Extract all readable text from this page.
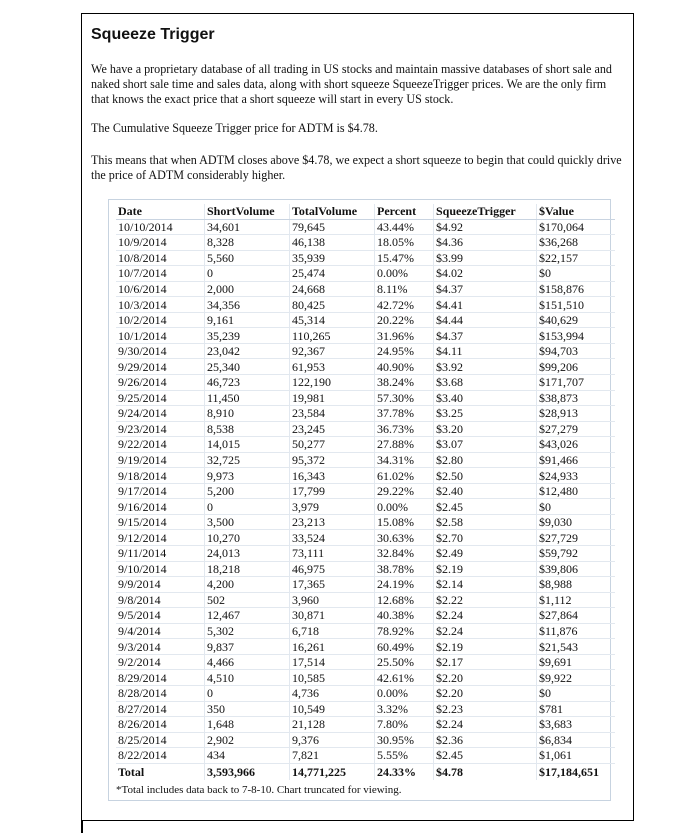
Squeeze Trigger

We have a proprietary database of all trading in US stocks and maintain massive databases of short sale and naked short sale time and sales data, along with short squeeze SqueezeTrigger prices. We are the only firm that knows the exact price that a short squeeze will start in every US stock.

The Cumulative Squeeze Trigger price for ADTM is $4.78.

This means that when ADTM closes above $4.78, we expect a short squeeze to begin that could quickly drive the price of ADTM considerably higher.

Date	ShortVolume	TotalVolume	Percent	SqueezeTrigger	$Value
10/10/2014	34,601	79,645	43.44%	$4.92	$170,064
10/9/2014	8,328	46,138	18.05%	$4.36	$36,268
10/8/2014	5,560	35,939	15.47%	$3.99	$22,157
10/7/2014	0	25,474	0.00%	$4.02	$0
10/6/2014	2,000	24,668	8.11%	$4.37	$158,876
10/3/2014	34,356	80,425	42.72%	$4.41	$151,510
10/2/2014	9,161	45,314	20.22%	$4.44	$40,629
10/1/2014	35,239	110,265	31.96%	$4.37	$153,994
9/30/2014	23,042	92,367	24.95%	$4.11	$94,703
9/29/2014	25,340	61,953	40.90%	$3.92	$99,206
9/26/2014	46,723	122,190	38.24%	$3.68	$171,707
9/25/2014	11,450	19,981	57.30%	$3.40	$38,873
9/24/2014	8,910	23,584	37.78%	$3.25	$28,913
9/23/2014	8,538	23,245	36.73%	$3.20	$27,279
9/22/2014	14,015	50,277	27.88%	$3.07	$43,026
9/19/2014	32,725	95,372	34.31%	$2.80	$91,466
9/18/2014	9,973	16,343	61.02%	$2.50	$24,933
9/17/2014	5,200	17,799	29.22%	$2.40	$12,480
9/16/2014	0	3,979	0.00%	$2.45	$0
9/15/2014	3,500	23,213	15.08%	$2.58	$9,030
9/12/2014	10,270	33,524	30.63%	$2.70	$27,729
9/11/2014	24,013	73,111	32.84%	$2.49	$59,792
9/10/2014	18,218	46,975	38.78%	$2.19	$39,806
9/9/2014	4,200	17,365	24.19%	$2.14	$8,988
9/8/2014	502	3,960	12.68%	$2.22	$1,112
9/5/2014	12,467	30,871	40.38%	$2.24	$27,864
9/4/2014	5,302	6,718	78.92%	$2.24	$11,876
9/3/2014	9,837	16,261	60.49%	$2.19	$21,543
9/2/2014	4,466	17,514	25.50%	$2.17	$9,691
8/29/2014	4,510	10,585	42.61%	$2.20	$9,922
8/28/2014	0	4,736	0.00%	$2.20	$0
8/27/2014	350	10,549	3.32%	$2.23	$781
8/26/2014	1,648	21,128	7.80%	$2.24	$3,683
8/25/2014	2,902	9,376	30.95%	$2.36	$6,834
8/22/2014	434	7,821	5.55%	$2.45	$1,061
Total	3,593,966	14,771,225	24.33%	$4.78	$17,184,651

*Total includes data back to 7-8-10. Chart truncated for viewing.
